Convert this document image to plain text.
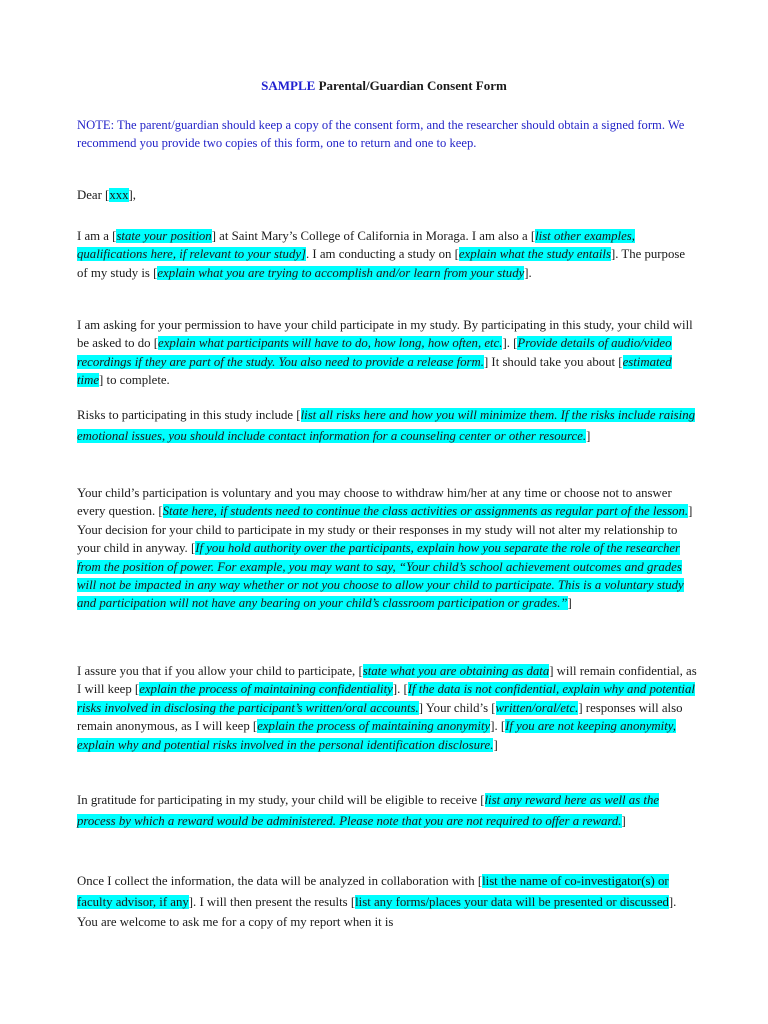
SAMPLE Parental/Guardian Consent Form
NOTE: The parent/guardian should keep a copy of the consent form, and the researcher should obtain a signed form. We recommend you provide two copies of this form, one to return and one to keep.
Dear [xxx],
I am a [state your position] at Saint Mary’s College of California in Moraga. I am also a [list other examples, qualifications here, if relevant to your study]. I am conducting a study on [explain what the study entails]. The purpose of my study is [explain what you are trying to accomplish and/or learn from your study].
I am asking for your permission to have your child participate in my study. By participating in this study, your child will be asked to do [explain what participants will have to do, how long, how often, etc.]. [Provide details of audio/video recordings if they are part of the study. You also need to provide a release form.] It should take you about [estimated time] to complete.
Risks to participating in this study include [list all risks here and how you will minimize them. If the risks include raising emotional issues, you should include contact information for a counseling center or other resource.]
Your child’s participation is voluntary and you may choose to withdraw him/her at any time or choose not to answer every question. [State here, if students need to continue the class activities or assignments as regular part of the lesson.] Your decision for your child to participate in my study or their responses in my study will not alter my relationship to your child in anyway. [If you hold authority over the participants, explain how you separate the role of the researcher from the position of power. For example, you may want to say, “Your child’s school achievement outcomes and grades will not be impacted in any way whether or not you choose to allow your child to participate. This is a voluntary study and participation will not have any bearing on your child’s classroom participation or grades.”]
I assure you that if you allow your child to participate, [state what you are obtaining as data] will remain confidential, as I will keep [explain the process of maintaining confidentiality]. [If the data is not confidential, explain why and potential risks involved in disclosing the participant’s written/oral accounts.] Your child’s [written/oral/etc.] responses will also remain anonymous, as I will keep [explain the process of maintaining anonymity]. [If you are not keeping anonymity, explain why and potential risks involved in the personal identification disclosure.]
In gratitude for participating in my study, your child will be eligible to receive [list any reward here as well as the process by which a reward would be administered. Please note that you are not required to offer a reward.]
Once I collect the information, the data will be analyzed in collaboration with [list the name of co-investigator(s) or faculty advisor, if any]. I will then present the results [list any forms/places your data will be presented or discussed]. You are welcome to ask me for a copy of my report when it is
